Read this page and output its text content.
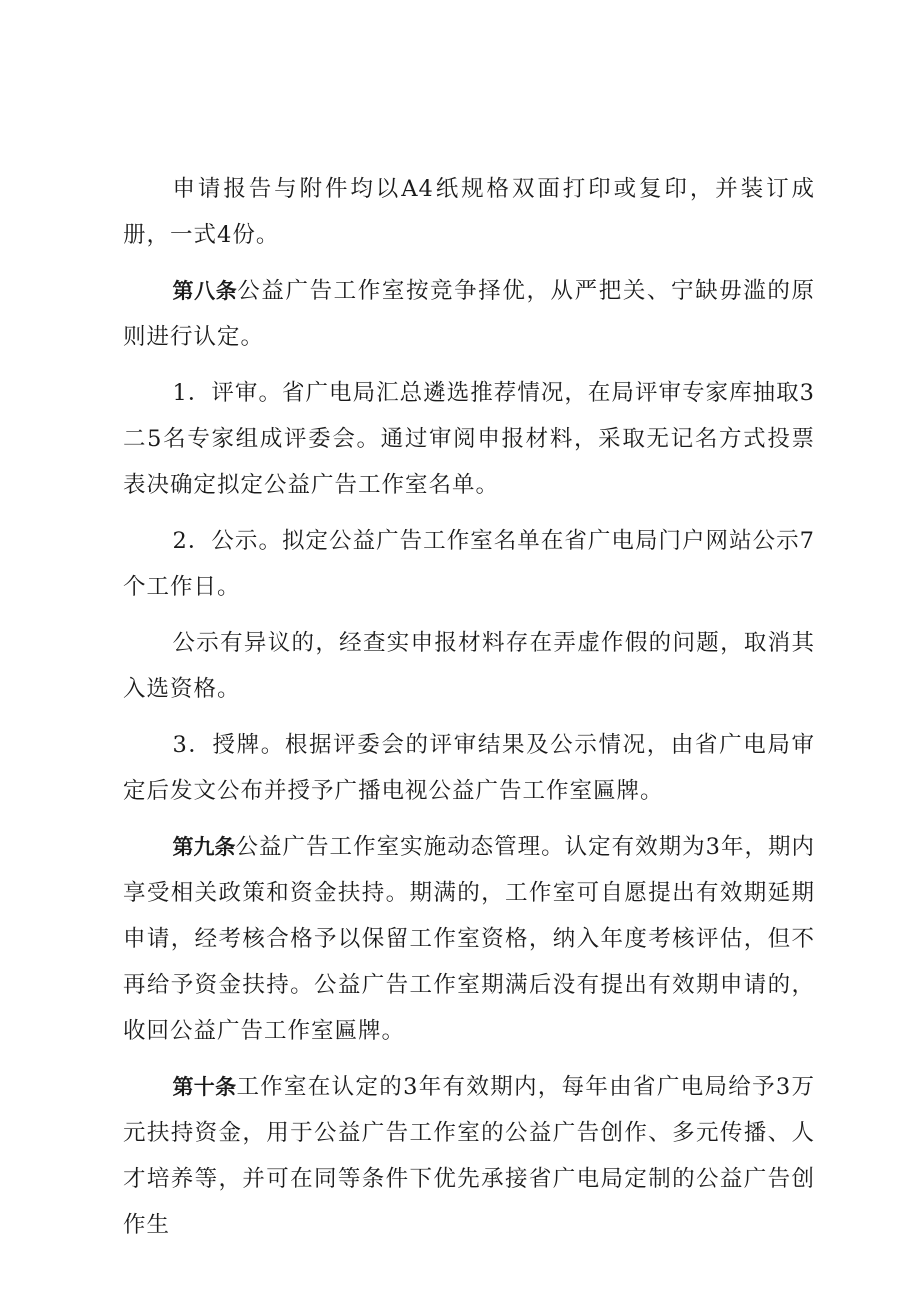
申请报告与附件均以A4纸规格双面打印或复印，并装订成册，一式4份。

第八条公益广告工作室按竞争择优，从严把关、宁缺毋滥的原则进行认定。

1．评审。省广电局汇总遴选推荐情况，在局评审专家库抽取3二5名专家组成评委会。通过审阅申报材料，采取无记名方式投票表决确定拟定公益广告工作室名单。

2．公示。拟定公益广告工作室名单在省广电局门户网站公示7个工作日。

公示有异议的，经查实申报材料存在弄虚作假的问题，取消其入选资格。

3．授牌。根据评委会的评审结果及公示情况，由省广电局审定后发文公布并授予广播电视公益广告工作室匾牌。

第九条公益广告工作室实施动态管理。认定有效期为3年，期内享受相关政策和资金扶持。期满的，工作室可自愿提出有效期延期申请，经考核合格予以保留工作室资格，纳入年度考核评估，但不再给予资金扶持。公益广告工作室期满后没有提出有效期申请的，收回公益广告工作室匾牌。

第十条工作室在认定的3年有效期内，每年由省广电局给予3万元扶持资金，用于公益广告工作室的公益广告创作、多元传播、人才培养等，并可在同等条件下优先承接省广电局定制的公益广告创作生
